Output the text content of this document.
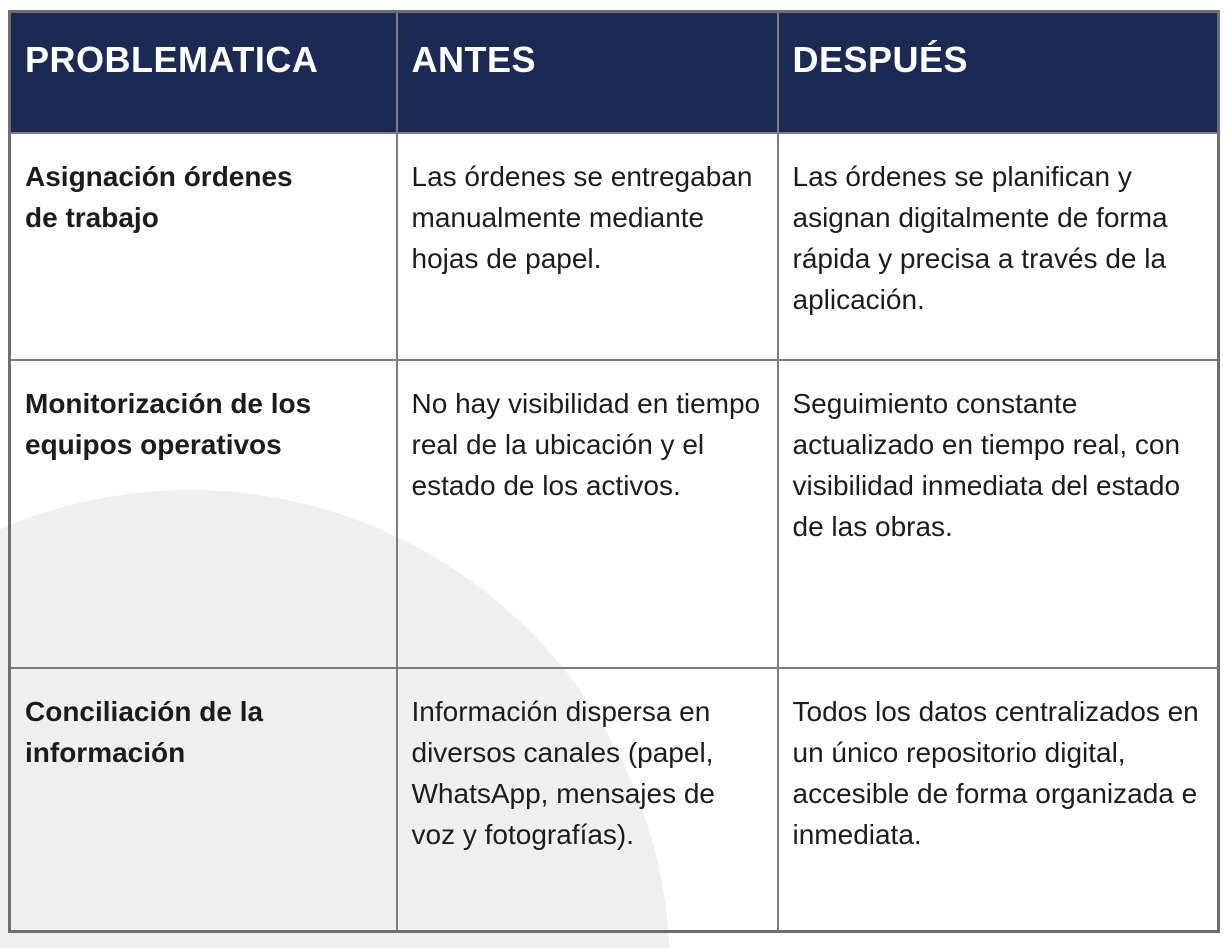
PROBLEMATICA	ANTES	DESPUÉS
Asignación órdenes de trabajo	Las órdenes se entregaban manualmente mediante hojas de papel.	Las órdenes se planifican y asignan digitalmente de forma rápida y precisa a través de la aplicación.
Monitorización de los equipos operativos	No hay visibilidad en tiempo real de la ubicación y el estado de los activos.	Seguimiento constante actualizado en tiempo real, con visibilidad inmediata del estado de las obras.
Conciliación de la información	Información dispersa en diversos canales (papel, WhatsApp, mensajes de voz y fotografías).	Todos los datos centralizados en un único repositorio digital, accesible de forma organizada e inmediata.
